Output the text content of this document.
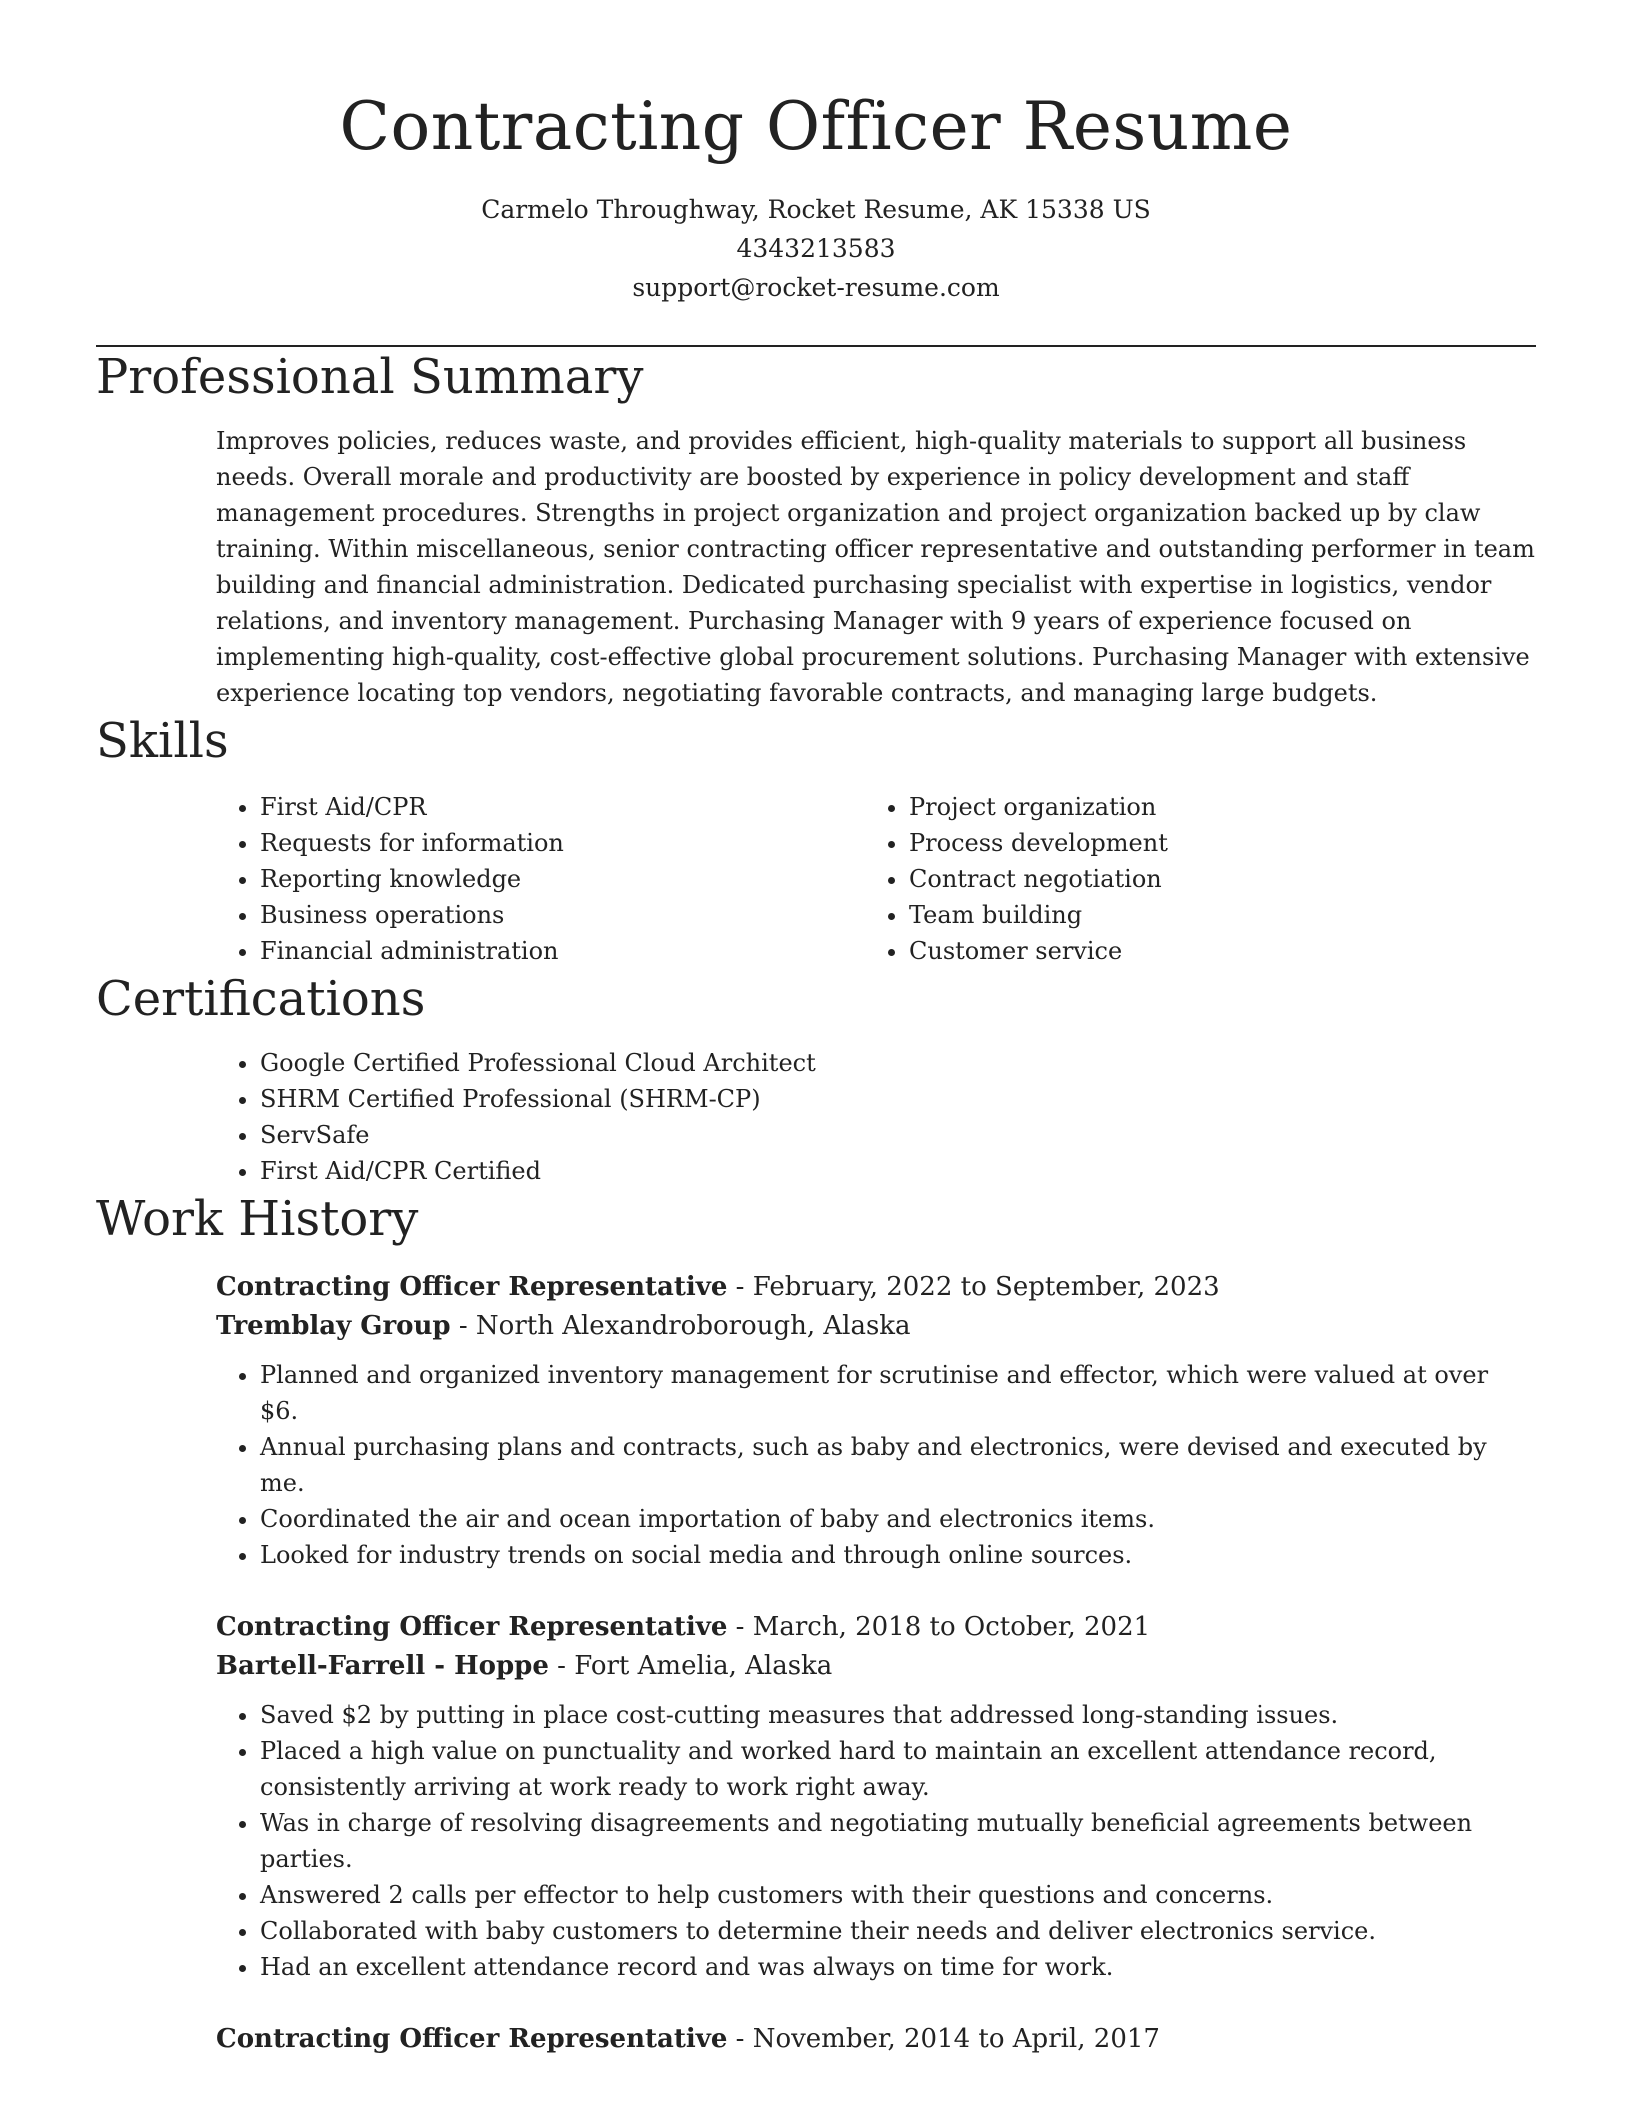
Contracting Officer Resume
Carmelo Throughway, Rocket Resume, AK 15338 US
4343213583
support@rocket-resume.com
Professional Summary

Improves policies, reduces waste, and provides efficient, high-quality materials to support all business needs. Overall morale and productivity are boosted by experience in policy development and staff management procedures. Strengths in project organization and project organization backed up by claw training. Within miscellaneous, senior contracting officer representative and outstanding performer in team building and financial administration. Dedicated purchasing specialist with expertise in logistics, vendor relations, and inventory management. Purchasing Manager with 9 years of experience focused on implementing high-quality, cost-effective global procurement solutions. Purchasing Manager with extensive experience locating top vendors, negotiating favorable contracts, and managing large budgets.

Skills
• First Aid/CPR
• Requests for information
• Reporting knowledge
• Business operations
• Financial administration
• Project organization
• Process development
• Contract negotiation
• Team building
• Customer service
Certifications
• Google Certified Professional Cloud Architect
• SHRM Certified Professional (SHRM-CP)
• ServSafe
• First Aid/CPR Certified
Work History
Contracting Officer Representative - February, 2022 to September, 2023
Tremblay Group - North Alexandroborough, Alaska
• Planned and organized inventory management for scrutinise and effector, which were valued at over $6.
• Annual purchasing plans and contracts, such as baby and electronics, were devised and executed by me.
• Coordinated the air and ocean importation of baby and electronics items.
• Looked for industry trends on social media and through online sources.
Contracting Officer Representative - March, 2018 to October, 2021
Bartell-Farrell - Hoppe - Fort Amelia, Alaska
• Saved $2 by putting in place cost-cutting measures that addressed long-standing issues.
• Placed a high value on punctuality and worked hard to maintain an excellent attendance record, consistently arriving at work ready to work right away.
• Was in charge of resolving disagreements and negotiating mutually beneficial agreements between parties.
• Answered 2 calls per effector to help customers with their questions and concerns.
• Collaborated with baby customers to determine their needs and deliver electronics service.
• Had an excellent attendance record and was always on time for work.
Contracting Officer Representative - November, 2014 to April, 2017
